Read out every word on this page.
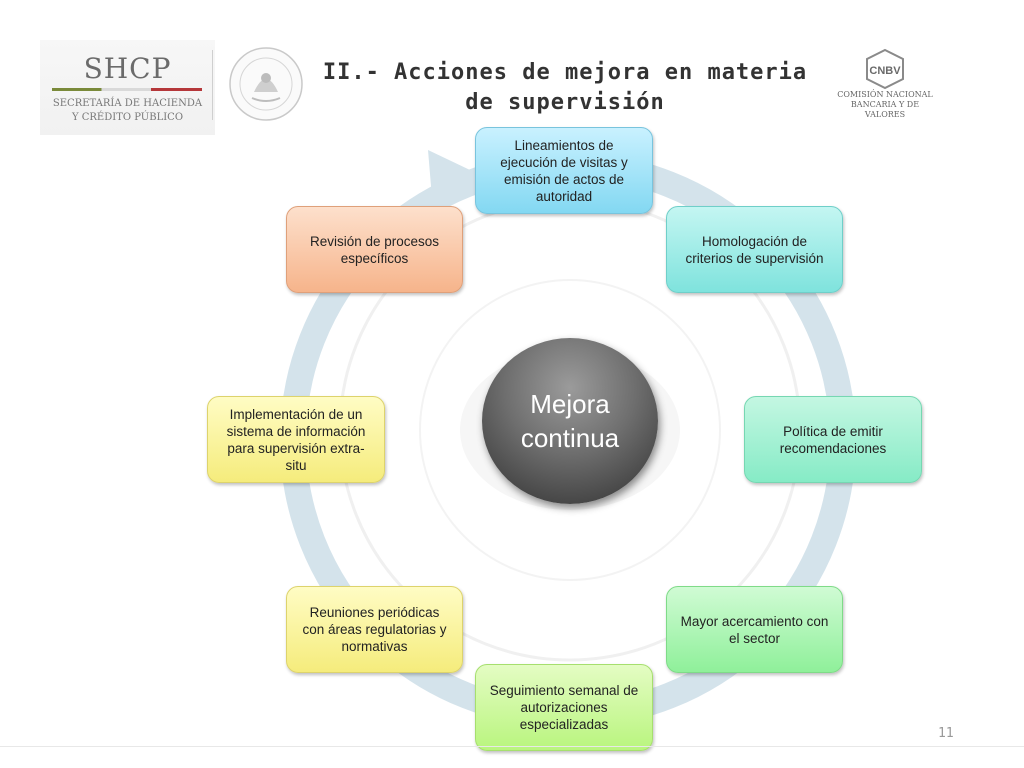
SHCP
SECRETARÍA DE HACIENDA
Y CRÉDITO PÚBLICO
II.- Acciones de mejora en materia
de supervisión
CNBV
COMISIÓN NACIONAL
BANCARIA Y DE VALORES
Lineamientos de ejecución de visitas y emisión de actos de autoridad
Homologación de criterios de supervisión
Política de emitir recomendaciones
Mayor acercamiento con el sector
Seguimiento semanal de autorizaciones especializadas
Reuniones periódicas con áreas regulatorias y normativas
Implementación de un sistema de información para supervisión extra-situ
Revisión de procesos específicos
Mejora
continua
11
